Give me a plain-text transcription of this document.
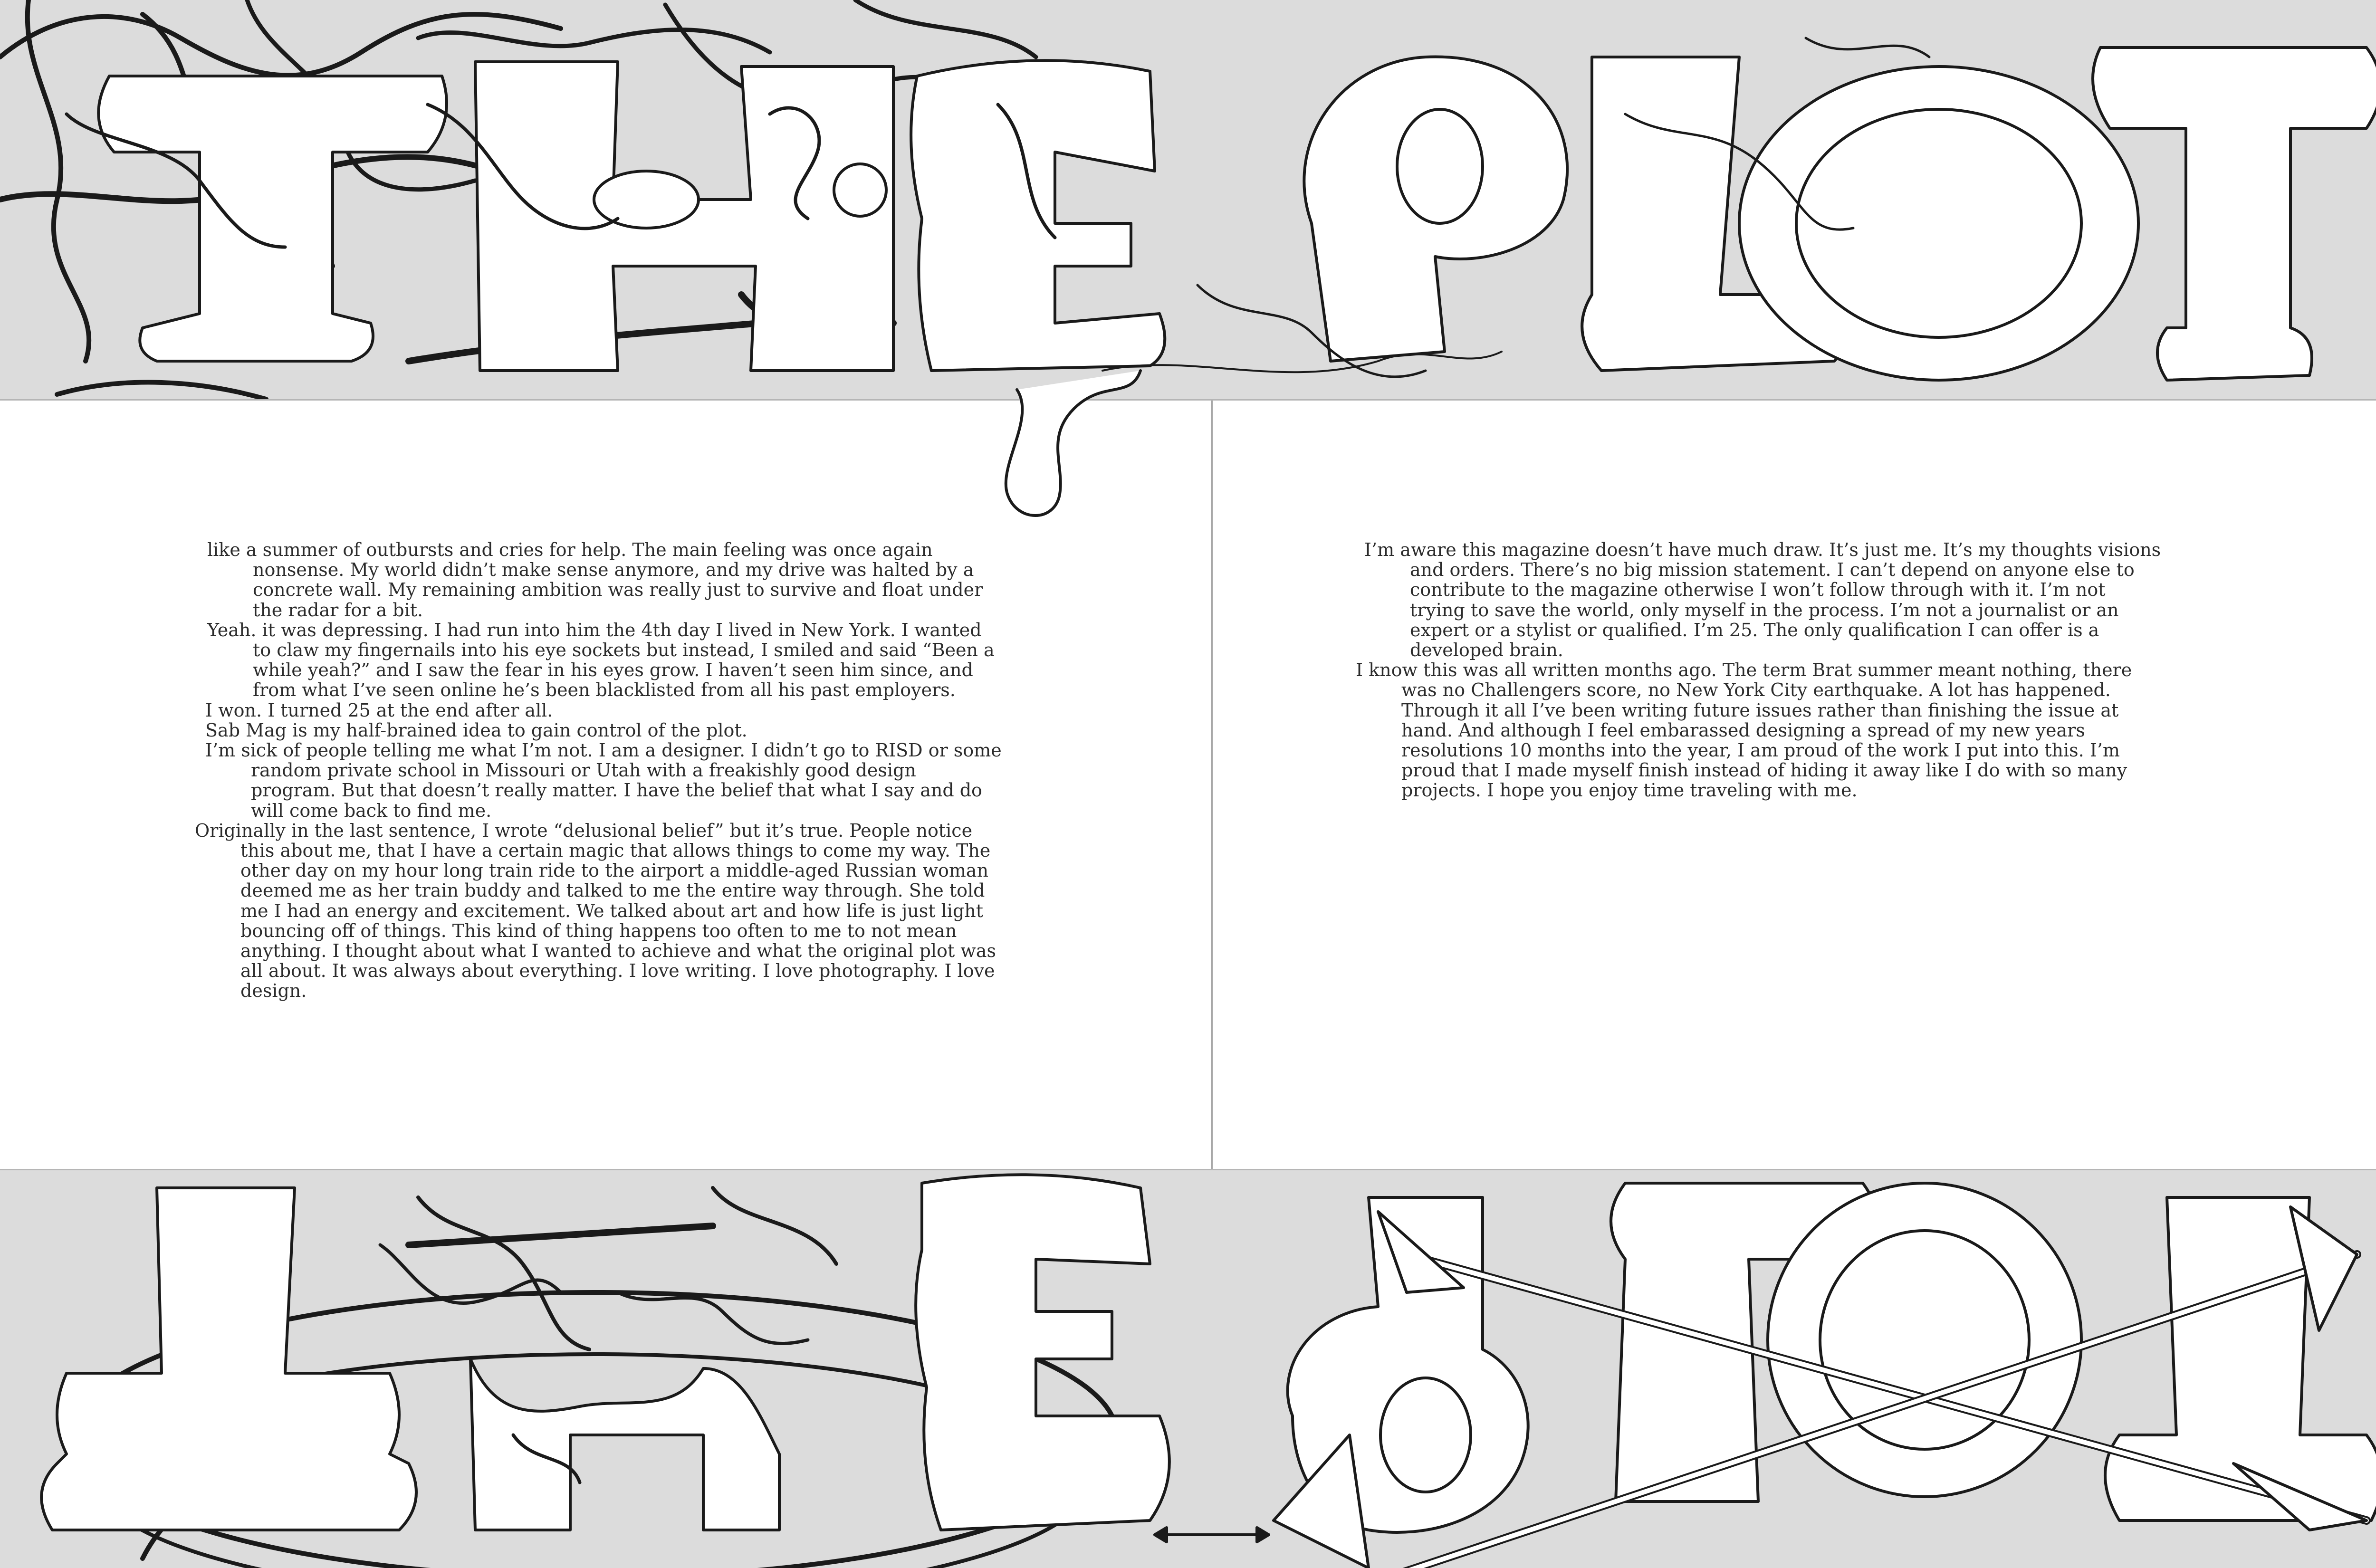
like a summer of outbursts and cries for help. The main feeling was once again nonsense. My world didn’t make sense anymore, and my drive was halted by a concrete wall. My remaining ambition was really just to survive and float under the radar for a bit.

Yeah. it was depressing. I had run into him the 4th day I lived in New York. I wanted to claw my fingernails into his eye sockets but instead, I smiled and said “Been a while yeah?” and I saw the fear in his eyes grow. I haven’t seen him since, and from what I’ve seen online he’s been blacklisted from all his past employers.

I won. I turned 25 at the end after all.

Sab Mag is my half-brained idea to gain control of the plot.

I’m sick of people telling me what I’m not. I am a designer. I didn’t go to RISD or some random private school in Missouri or Utah with a freakishly good design program. But that doesn’t really matter. I have the belief that what I say and do will come back to find me.

Originally in the last sentence, I wrote “delusional belief” but it’s true. People notice this about me, that I have a certain magic that allows things to come my way. The other day on my hour long train ride to the airport a middle-aged Russian woman deemed me as her train buddy and talked to me the entire way through. She told me I had an energy and excitement. We talked about art and how life is just light bouncing off of things. This kind of thing happens too often to me to not mean anything. I thought about what I wanted to achieve and what the original plot was all about. It was always about everything. I love writing. I love photography. I love design.

I’m aware this magazine doesn’t have much draw. It’s just me. It’s my thoughts visions and orders. There’s no big mission statement. I can’t depend on anyone else to contribute to the magazine otherwise I won’t follow through with it. I’m not trying to save the world, only myself in the process. I’m not a journalist or an expert or a stylist or qualified. I’m 25. The only qualification I can offer is a developed brain.

I know this was all written months ago. The term Brat summer meant nothing, there was no Challengers score, no New York City earthquake. A lot has happened. Through it all I’ve been writing future issues rather than finishing the issue at hand. And although I feel embarassed designing a spread of my new years resolutions 10 months into the year, I am proud of the work I put into this. I’m proud that I made myself finish instead of hiding it away like I do with so many projects. I hope you enjoy time traveling with me.
